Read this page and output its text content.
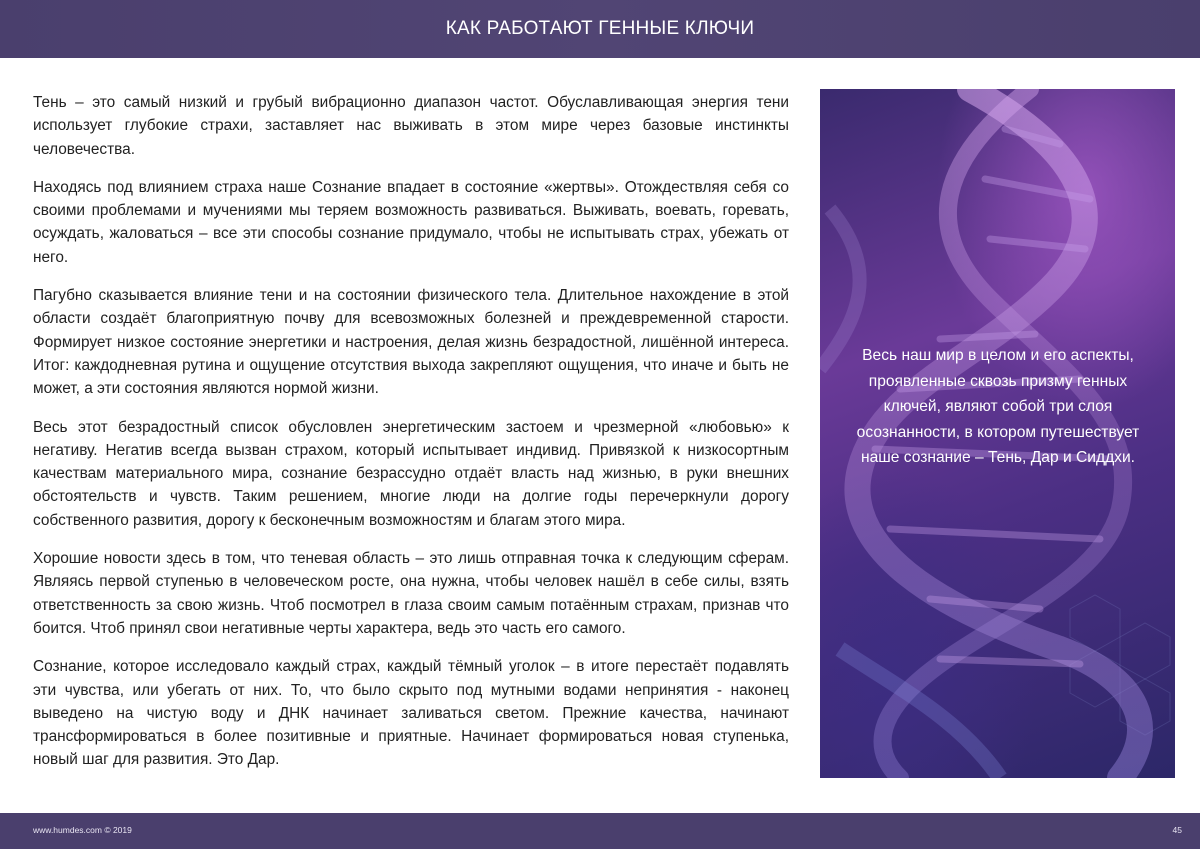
КАК РАБОТАЮТ ГЕННЫЕ КЛЮЧИ

Тень – это самый низкий и грубый вибрационно диапазон частот. Обуславливающая энергия тени использует глубокие страхи, заставляет нас выживать в этом мире через базовые инстинкты человечества.

Находясь под влиянием страха наше Сознание впадает в состояние «жертвы». Отождествляя себя со своими проблемами и мучениями мы теряем возможность развиваться. Выживать, воевать, горевать, осуждать, жаловаться – все эти способы сознание придумало, чтобы не испытывать страх, убежать от него.

Пагубно сказывается влияние тени и на состоянии физического тела. Длительное нахождение в этой области создаёт благоприятную почву для всевозможных болезней и преждевременной старости. Формирует низкое состояние энергетики и настроения, делая жизнь безрадостной, лишённой интереса. Итог: каждодневная рутина и ощущение отсутствия выхода закрепляют ощущения, что иначе и быть не может, а эти состояния являются нормой жизни.

Весь этот безрадостный список обусловлен энергетическим застоем и чрезмерной «любовью» к негативу. Негатив всегда вызван страхом, который испытывает индивид. Привязкой к низкосортным качествам материального мира, сознание безрассудно отдаёт власть над жизнью, в руки внешних обстоятельств и чувств. Таким решением, многие люди на долгие годы перечеркнули дорогу собственного развития, дорогу к бесконечным возможностям и благам этого мира.

Хорошие новости здесь в том, что теневая область – это лишь отправная точка к следующим сферам. Являясь первой ступенью в человеческом росте, она нужна, чтобы человек нашёл в себе силы, взять ответственность за свою жизнь. Чтоб посмотрел в глаза своим самым потаённым страхам, признав что боится. Чтоб принял свои негативные черты характера, ведь это часть его самого.

Сознание, которое исследовало каждый страх, каждый тёмный уголок – в итоге перестаёт подавлять эти чувства, или убегать от них. То, что было скрыто под мутными водами непринятия - наконец выведено на чистую воду и ДНК начинает заливаться светом. Прежние качества, начинают трансформироваться в более позитивные и приятные. Начинает формироваться новая ступенька, новый шаг для развития. Это Дар.

Весь наш мир в целом и его аспекты, проявленные сквозь призму генных ключей, являют собой три слоя осознанности, в котором путешествует наше сознание – Тень, Дар и Сиддхи.
www.humdes.com © 2019	45
